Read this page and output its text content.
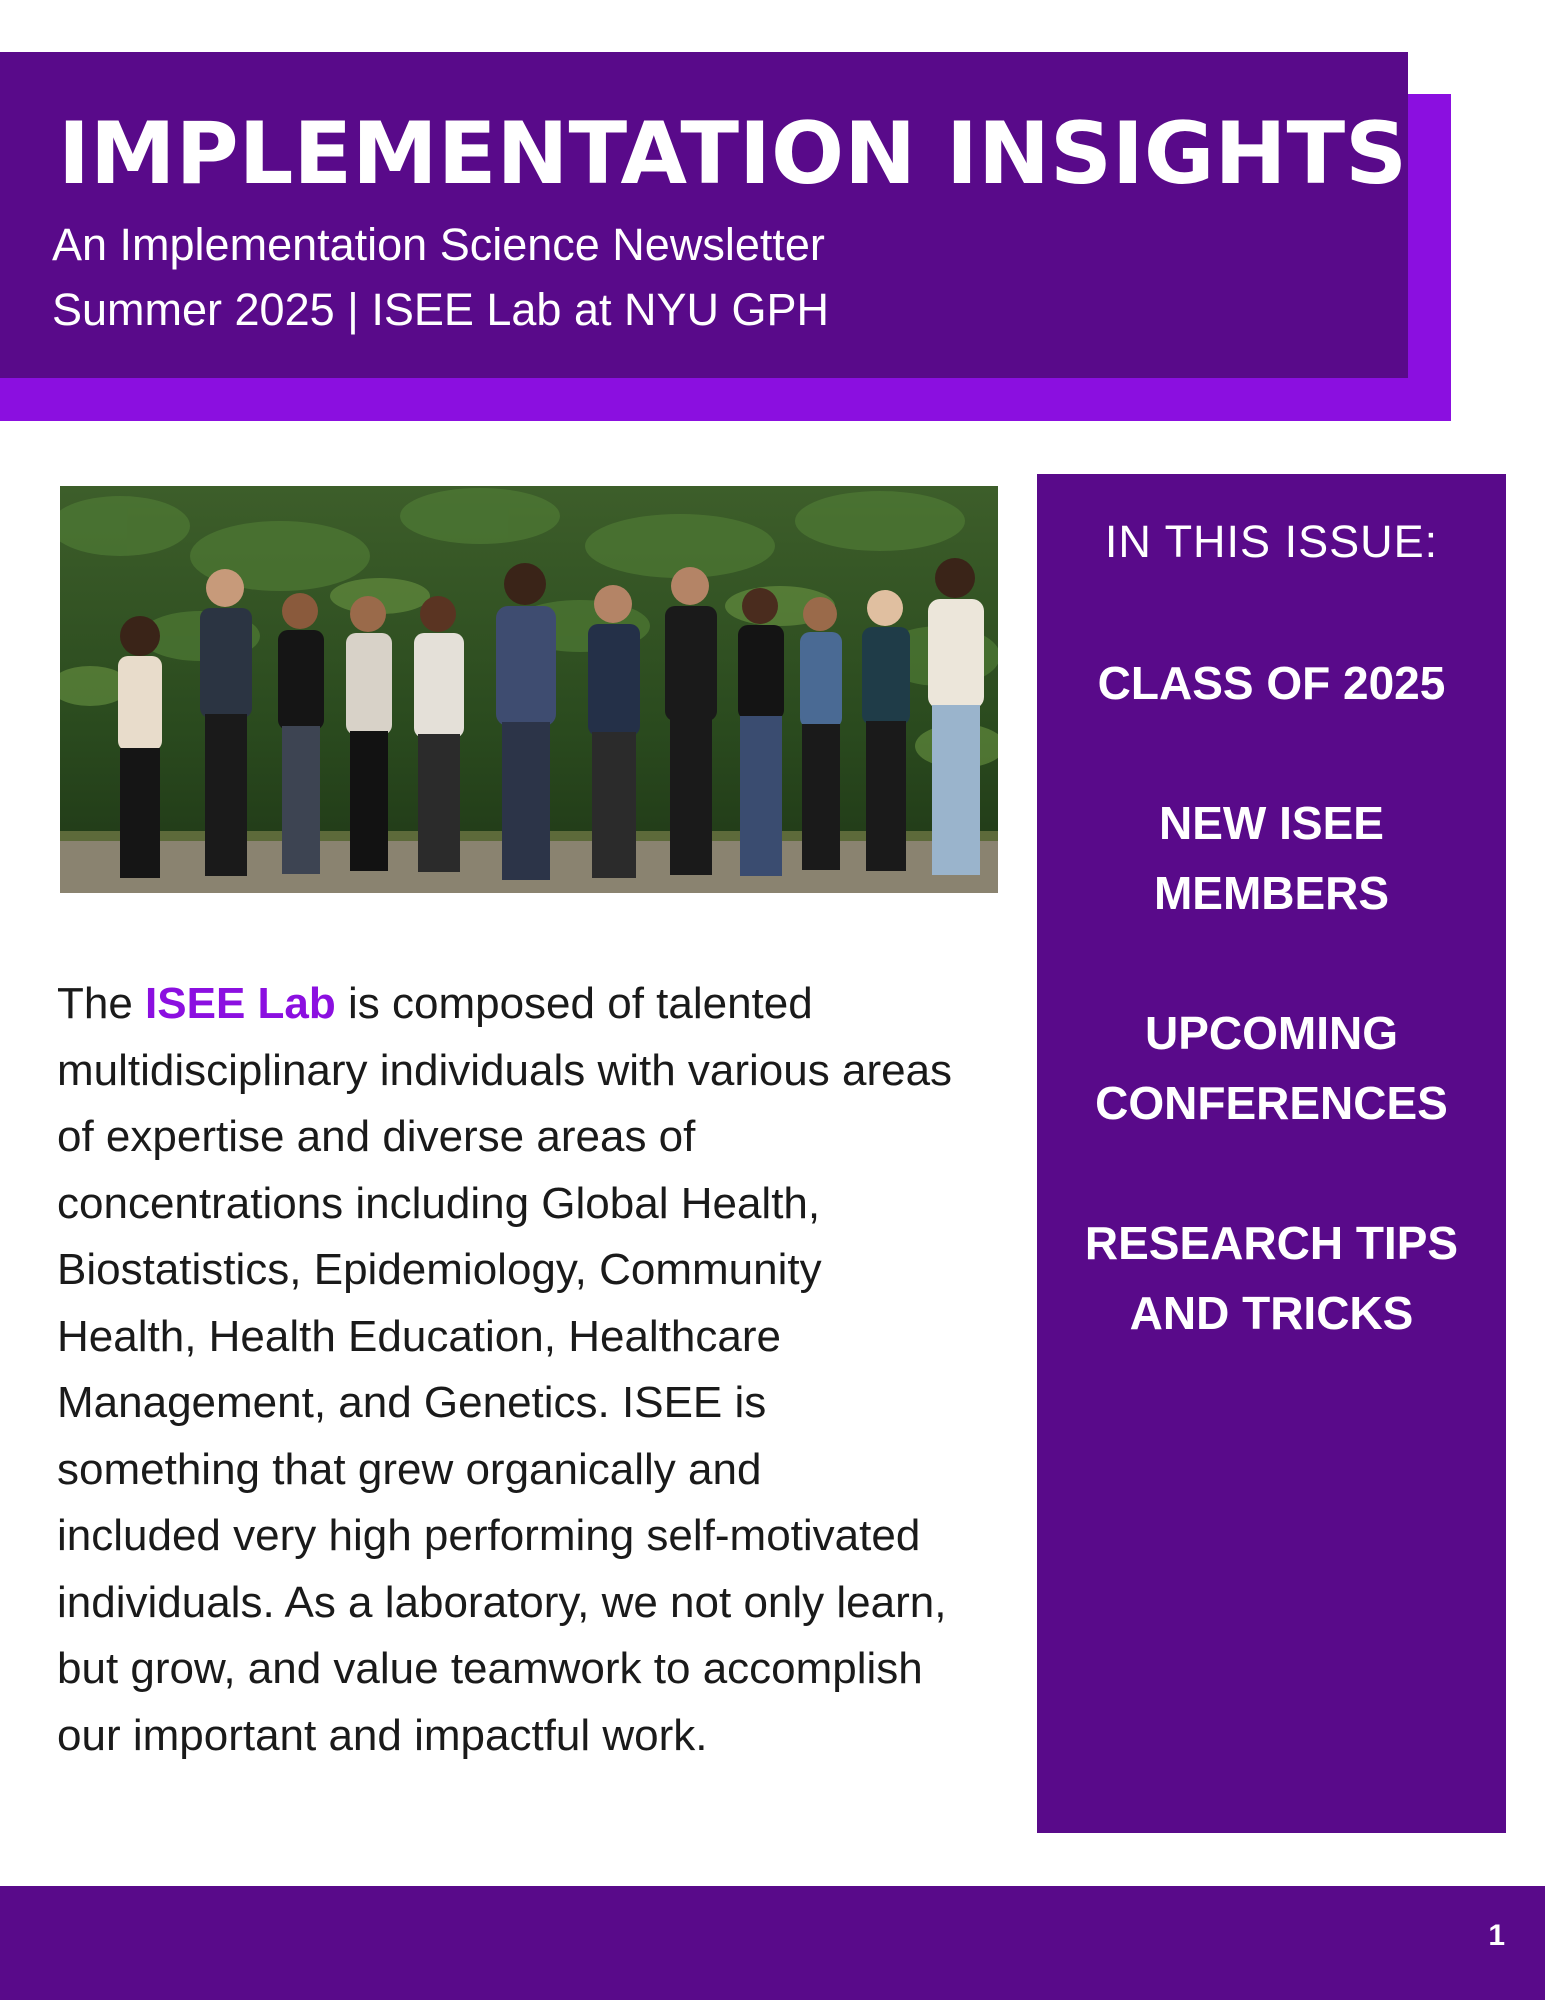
IMPLEMENTATION INSIGHTS
An Implementation Science Newsletter
Summer 2025 | ISEE Lab at NYU GPH
The ISEE Lab is composed of talented
multidisciplinary individuals with various areas
of expertise and diverse areas of
concentrations including Global Health,
Biostatistics, Epidemiology, Community
Health, Health Education, Healthcare
Management, and Genetics. ISEE is
something that grew organically and
included very high performing self-motivated
individuals. As a laboratory, we not only learn,
but grow, and value teamwork to accomplish
our important and impactful work.
IN THIS ISSUE:
CLASS OF 2025
NEW ISEE
MEMBERS
UPCOMING
CONFERENCES
RESEARCH TIPS
AND TRICKS
1
